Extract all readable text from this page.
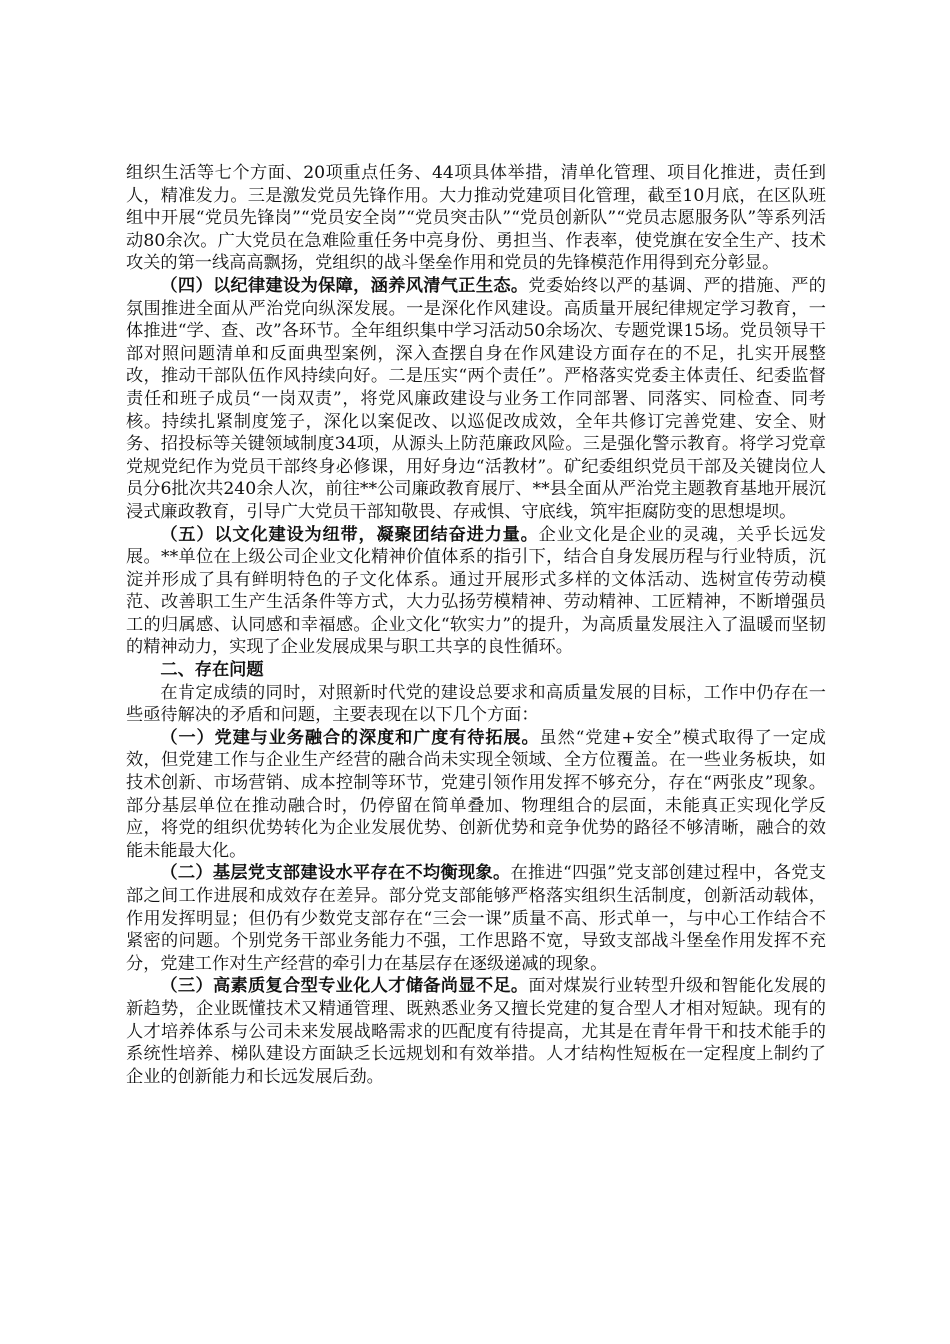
组织生活等七个方面、20项重点任务、44项具体举措，清单化管理、项目化推进，责任到人，精准发力。三是激发党员先锋作用。大力推动党建项目化管理，截至10月底，在区队班组中开展“党员先锋岗”“党员安全岗”“党员突击队”“党员创新队”“党员志愿服务队”等系列活动80余次。广大党员在急难险重任务中亮身份、勇担当、作表率，使党旗在安全生产、技术攻关的第一线高高飘扬，党组织的战斗堡垒作用和党员的先锋模范作用得到充分彰显。

（四）以纪律建设为保障，涵养风清气正生态。党委始终以严的基调、严的措施、严的氛围推进全面从严治党向纵深发展。一是深化作风建设。高质量开展纪律规定学习教育，一体推进“学、查、改”各环节。全年组织集中学习活动50余场次、专题党课15场。党员领导干部对照问题清单和反面典型案例，深入查摆自身在作风建设方面存在的不足，扎实开展整改，推动干部队伍作风持续向好。二是压实“两个责任”。严格落实党委主体责任、纪委监督责任和班子成员“一岗双责”，将党风廉政建设与业务工作同部署、同落实、同检查、同考核。持续扎紧制度笼子，深化以案促改、以巡促改成效，全年共修订完善党建、安全、财务、招投标等关键领域制度34项，从源头上防范廉政风险。三是强化警示教育。将学习党章党规党纪作为党员干部终身必修课，用好身边“活教材”。矿纪委组织党员干部及关键岗位人员分6批次共240余人次，前往**公司廉政教育展厅、**县全面从严治党主题教育基地开展沉浸式廉政教育，引导广大党员干部知敬畏、存戒惧、守底线，筑牢拒腐防变的思想堤坝。

（五）以文化建设为纽带，凝聚团结奋进力量。企业文化是企业的灵魂，关乎长远发展。**单位在上级公司企业文化精神价值体系的指引下，结合自身发展历程与行业特质，沉淀并形成了具有鲜明特色的子文化体系。通过开展形式多样的文体活动、选树宣传劳动模范、改善职工生产生活条件等方式，大力弘扬劳模精神、劳动精神、工匠精神，不断增强员工的归属感、认同感和幸福感。企业文化“软实力”的提升，为高质量发展注入了温暖而坚韧的精神动力，实现了企业发展成果与职工共享的良性循环。

二、存在问题

在肯定成绩的同时，对照新时代党的建设总要求和高质量发展的目标，工作中仍存在一些亟待解决的矛盾和问题，主要表现在以下几个方面：

（一）党建与业务融合的深度和广度有待拓展。虽然“党建+安全”模式取得了一定成效，但党建工作与企业生产经营的融合尚未实现全领域、全方位覆盖。在一些业务板块，如技术创新、市场营销、成本控制等环节，党建引领作用发挥不够充分，存在“两张皮”现象。部分基层单位在推动融合时，仍停留在简单叠加、物理组合的层面，未能真正实现化学反应，将党的组织优势转化为企业发展优势、创新优势和竞争优势的路径不够清晰，融合的效能未能最大化。

（二）基层党支部建设水平存在不均衡现象。在推进“四强”党支部创建过程中，各党支部之间工作进展和成效存在差异。部分党支部能够严格落实组织生活制度，创新活动载体，作用发挥明显；但仍有少数党支部存在“三会一课”质量不高、形式单一，与中心工作结合不紧密的问题。个别党务干部业务能力不强，工作思路不宽，导致支部战斗堡垒作用发挥不充分，党建工作对生产经营的牵引力在基层存在逐级递减的现象。

（三）高素质复合型专业化人才储备尚显不足。面对煤炭行业转型升级和智能化发展的新趋势，企业既懂技术又精通管理、既熟悉业务又擅长党建的复合型人才相对短缺。现有的人才培养体系与公司未来发展战略需求的匹配度有待提高，尤其是在青年骨干和技术能手的系统性培养、梯队建设方面缺乏长远规划和有效举措。人才结构性短板在一定程度上制约了企业的创新能力和长远发展后劲。
